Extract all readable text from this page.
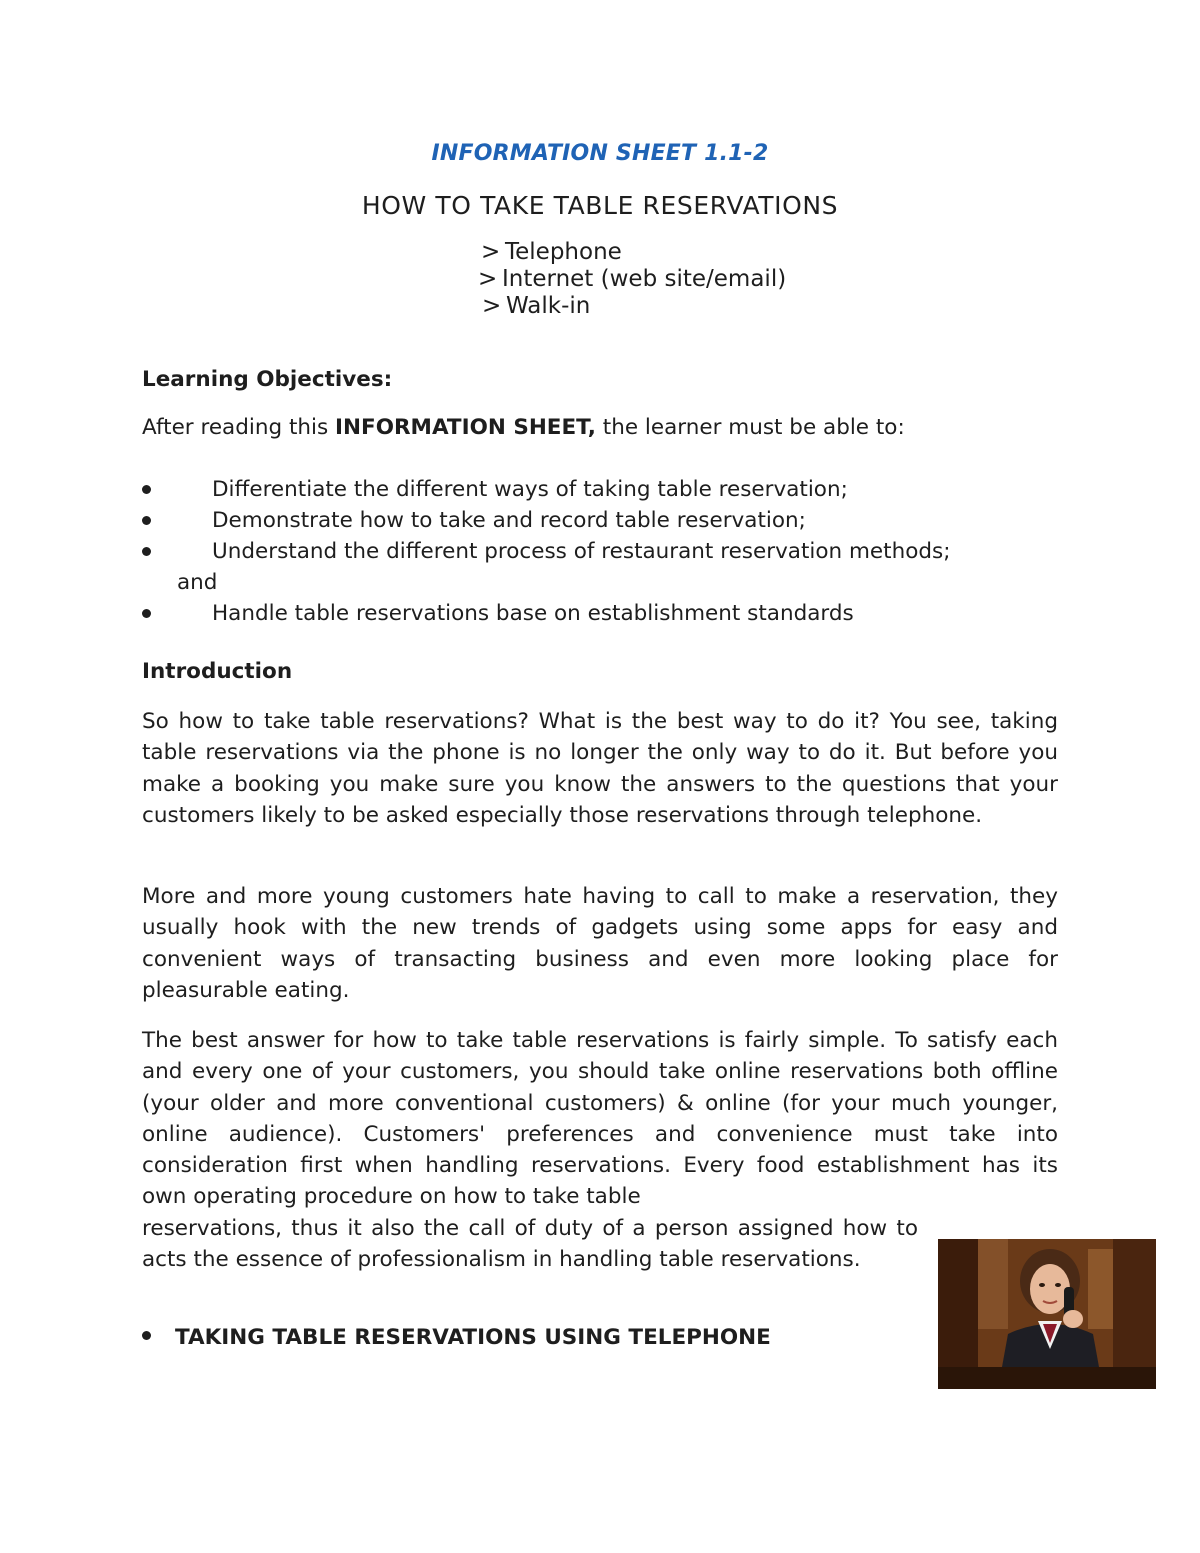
INFORMATION SHEET 1.1-2
HOW TO TAKE TABLE RESERVATIONS
> Telephone
> Internet (web site/email)
> Walk-in
Learning Objectives:
After reading this INFORMATION SHEET, the learner must be able to:
Differentiate the different ways of taking table reservation;
Demonstrate how to take and record table reservation;
Understand the different process of restaurant reservation methods;
and
Handle table reservations base on establishment standards
Introduction

So how to take table reservations? What is the best way to do it? You see, taking table reservations via the phone is no longer the only way to do it. But before you make a booking you make sure you know the answers to the questions that your customers likely to be asked especially those reservations through telephone.

More and more young customers hate having to call to make a reservation, they usually hook with the new trends of gadgets using some apps for easy and convenient ways of transacting business and even more looking place for pleasurable eating.

The best answer for how to take table reservations is fairly simple. To satisfy each and every one of your customers, you should take online reservations both offline (your older and more conventional customers) & online (for your much younger, online audience). Customers' preferences and convenience must take into consideration first when handling reservations. Every food establishment has its own operating procedure on how to take table

reservations, thus it also the call of duty of a person assigned how to acts the essence of professionalism in handling table reservations.

TAKING TABLE RESERVATIONS USING TELEPHONE
